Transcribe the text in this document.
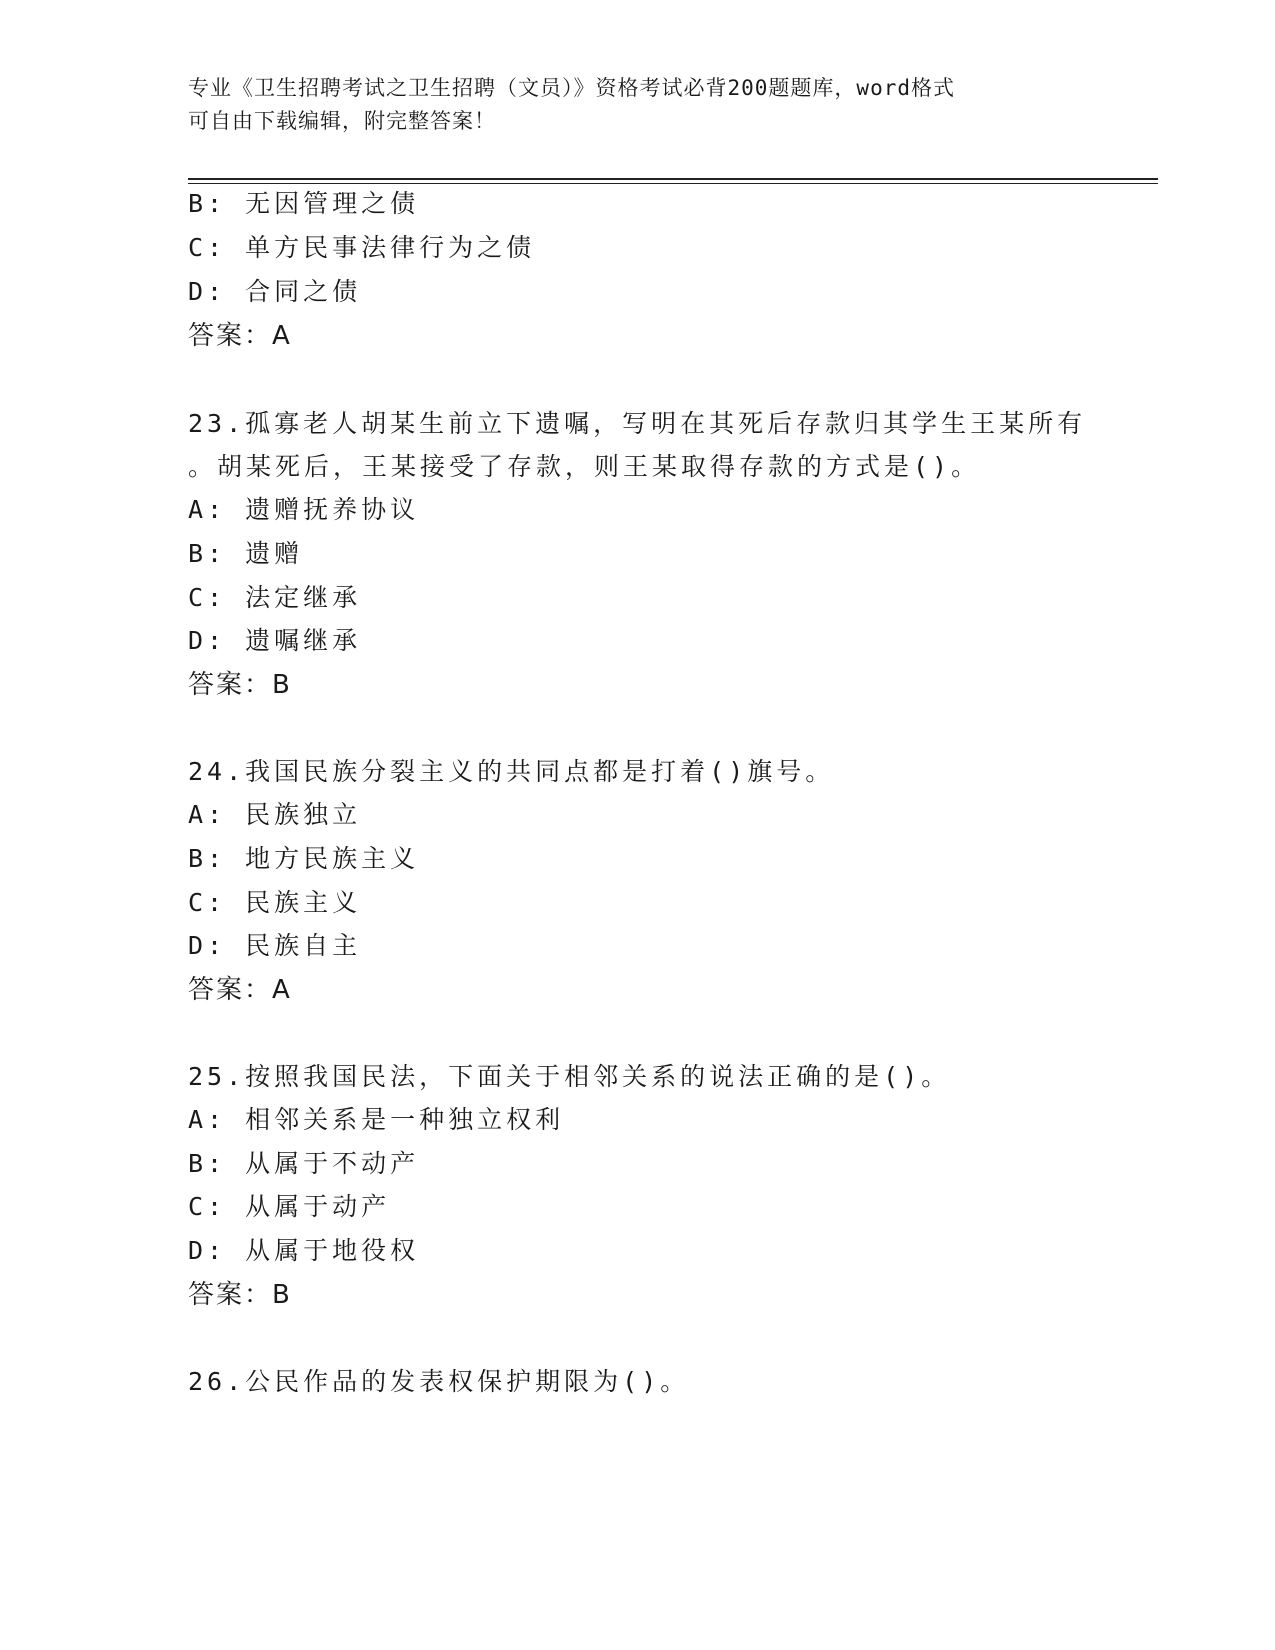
专业《卫生招聘考试之卫生招聘（文员）》资格考试必背200题题库，word格式
可自由下载编辑，附完整答案！
B: 无因管理之债
C: 单方民事法律行为之债
D: 合同之债
答案：A
23.孤寡老人胡某生前立下遗嘱，写明在其死后存款归其学生王某所有
。胡某死后，王某接受了存款，则王某取得存款的方式是()。
A: 遗赠抚养协议
B: 遗赠
C: 法定继承
D: 遗嘱继承
答案：B
24.我国民族分裂主义的共同点都是打着()旗号。
A: 民族独立
B: 地方民族主义
C: 民族主义
D: 民族自主
答案：A
25.按照我国民法，下面关于相邻关系的说法正确的是()。
A: 相邻关系是一种独立权利
B: 从属于不动产
C: 从属于动产
D: 从属于地役权
答案：B
26.公民作品的发表权保护期限为()。
